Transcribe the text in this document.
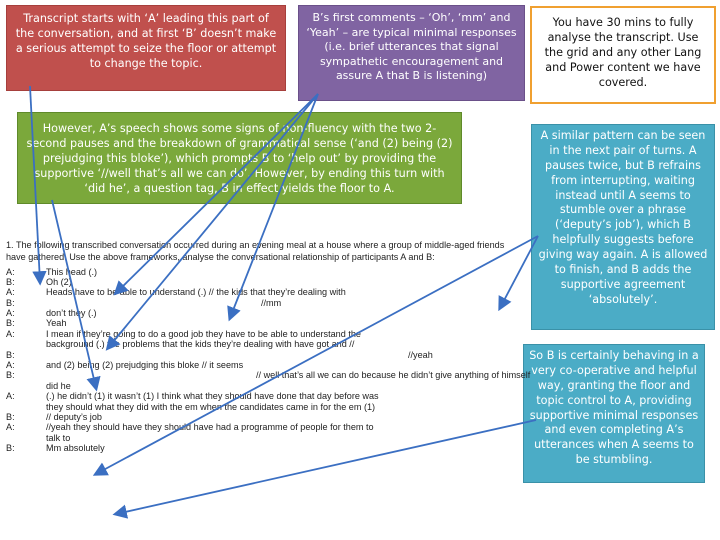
Transcript starts with ‘A’ leading this part of the conversation, and at first ‘B’ doesn’t make a serious attempt to seize the floor or attempt to change the topic.
B’s first comments – ‘Oh’, ‘mm’ and ‘Yeah’ – are typical minimal responses (i.e. brief utterances that signal sympathetic encouragement and assure A that B is listening)
You have 30 mins to fully analyse the transcript. Use the grid and any other Lang and Power content we have covered.
However, A’s speech shows some signs of non-fluency with the two 2-second pauses and the breakdown of grammatical sense (‘and (2) being (2) prejudging this bloke’), which prompts B to ‘help out’ by providing the supportive ‘//well that’s all we can do’. However, by ending this turn with ‘did he’, a question tag, B in effect yields the floor to A.
A similar pattern can be seen in the next pair of turns. A pauses twice, but B refrains from interrupting, waiting instead until A seems to stumble over a phrase (‘deputy’s job’), which B helpfully suggests before giving way again. A is allowed to finish, and B adds the supportive agreement ‘absolutely’.
So B is certainly behaving in a very co-operative and helpful way, granting the floor and topic control to A, providing supportive minimal responses and even completing A’s utterances when A seems to be stumbling.
1. The following transcribed conversation occurred during an evening meal at a house where a group of middle-aged friends have gathered. Use the above frameworks, analyse the conversational relationship of participants A and B:
A:	This head (.)
B:	Oh (2)
A:	Heads have to be able to understand (.) // the kids that they’re dealing with
B:	//mm
A:	don’t they (.)
B:	Yeah
A:	I mean if they’re going to do a good job they have to be able to understand the
background (.) the problems that the kids they’re dealing with have got and //
B:	//yeah
A:	and (2) being (2) prejudging this bloke // it seems
B:	// well that’s all we can do because he didn’t give anything of himself
did he
A:	(.) he didn’t (1) it wasn’t (1) I think what they should have done that day before was
they should what they did with the em when the candidates came in for the em (1)
B:	// deputy’s job
A:	//yeah they should have they should have had a programme of people for them to
talk to
B:	Mm absolutely
